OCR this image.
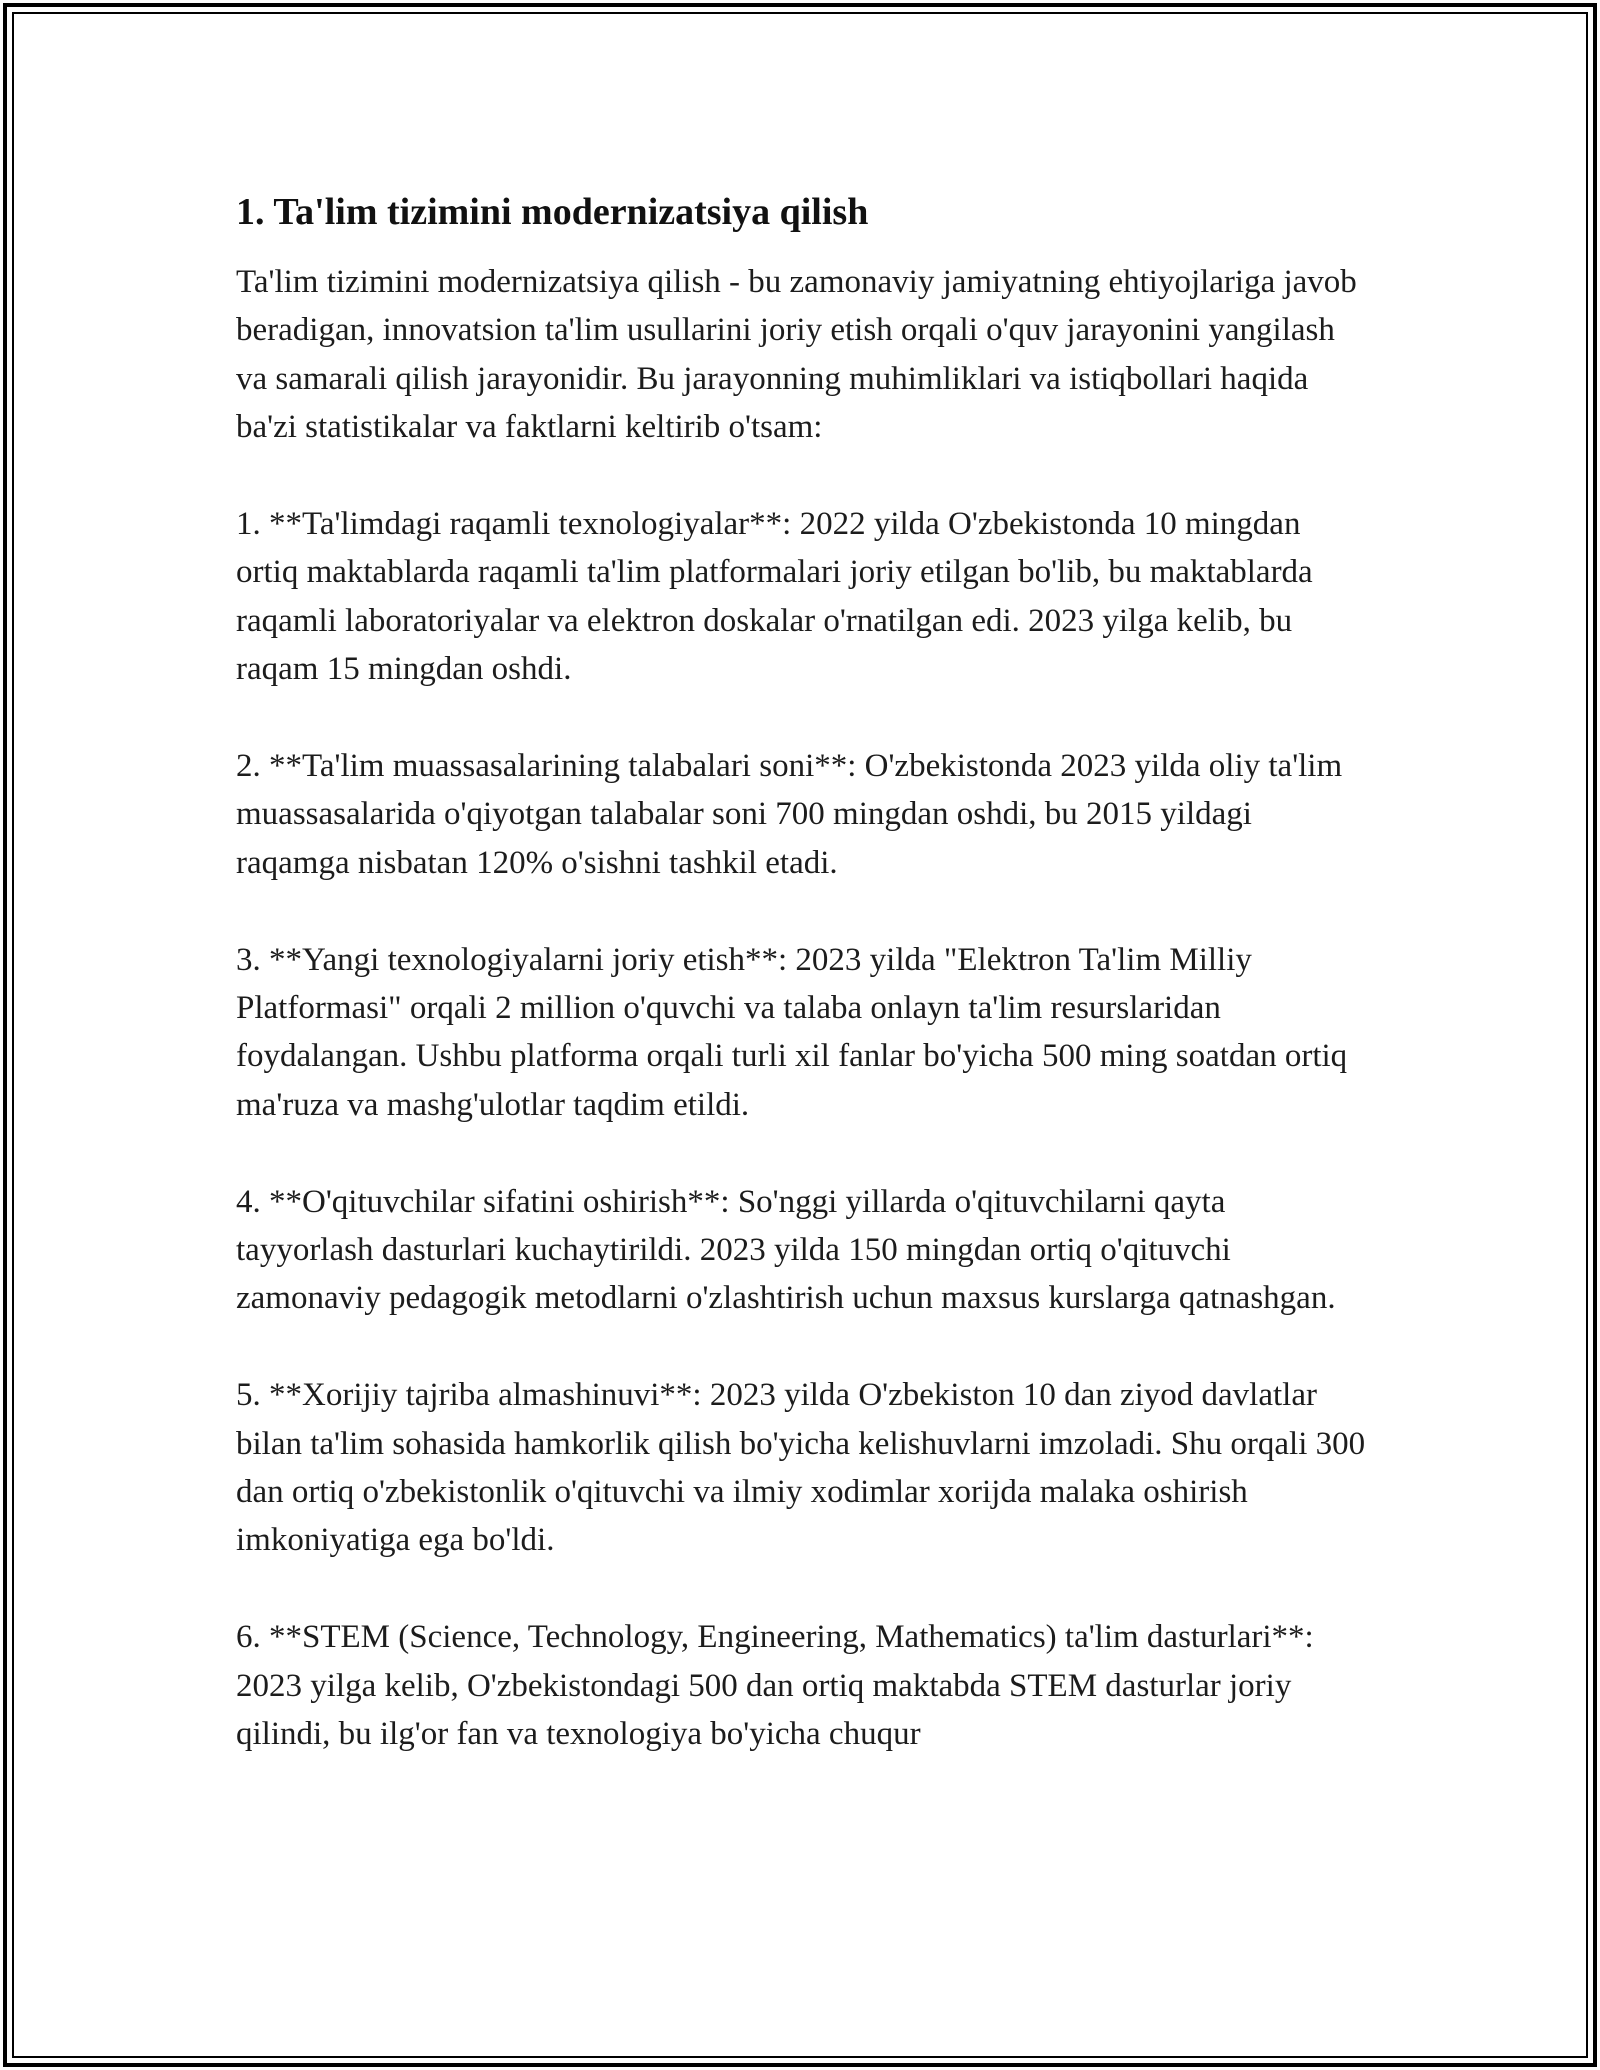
1. Ta'lim tizimini modernizatsiya qilish

Ta'lim tizimini modernizatsiya qilish - bu zamonaviy jamiyatning ehtiyojlariga javob beradigan, innovatsion ta'lim usullarini joriy etish orqali o'quv jarayonini yangilash va samarali qilish jarayonidir. Bu jarayonning muhimliklari va istiqbollari haqida ba'zi statistikalar va faktlarni keltirib o'tsam:

1. **Ta'limdagi raqamli texnologiyalar**: 2022 yilda O'zbekistonda 10 mingdan ortiq maktablarda raqamli ta'lim platformalari joriy etilgan bo'lib, bu maktablarda raqamli laboratoriyalar va elektron doskalar o'rnatilgan edi. 2023 yilga kelib, bu raqam 15 mingdan oshdi.

2. **Ta'lim muassasalarining talabalari soni**: O'zbekistonda 2023 yilda oliy ta'lim muassasalarida o'qiyotgan talabalar soni 700 mingdan oshdi, bu 2015 yildagi raqamga nisbatan 120% o'sishni tashkil etadi.

3. **Yangi texnologiyalarni joriy etish**: 2023 yilda "Elektron Ta'lim Milliy Platformasi" orqali 2 million o'quvchi va talaba onlayn ta'lim resurslaridan foydalangan. Ushbu platforma orqali turli xil fanlar bo'yicha 500 ming soatdan ortiq ma'ruza va mashg'ulotlar taqdim etildi.

4. **O'qituvchilar sifatini oshirish**: So'nggi yillarda o'qituvchilarni qayta tayyorlash dasturlari kuchaytirildi. 2023 yilda 150 mingdan ortiq o'qituvchi zamonaviy pedagogik metodlarni o'zlashtirish uchun maxsus kurslarga qatnashgan.

5. **Xorijiy tajriba almashinuvi**: 2023 yilda O'zbekiston 10 dan ziyod davlatlar bilan ta'lim sohasida hamkorlik qilish bo'yicha kelishuvlarni imzoladi. Shu orqali 300 dan ortiq o'zbekistonlik o'qituvchi va ilmiy xodimlar xorijda malaka oshirish imkoniyatiga ega bo'ldi.

6. **STEM (Science, Technology, Engineering, Mathematics) ta'lim dasturlari**: 2023 yilga kelib, O'zbekistondagi 500 dan ortiq maktabda STEM dasturlar joriy qilindi, bu ilg'or fan va texnologiya bo'yicha chuqur
